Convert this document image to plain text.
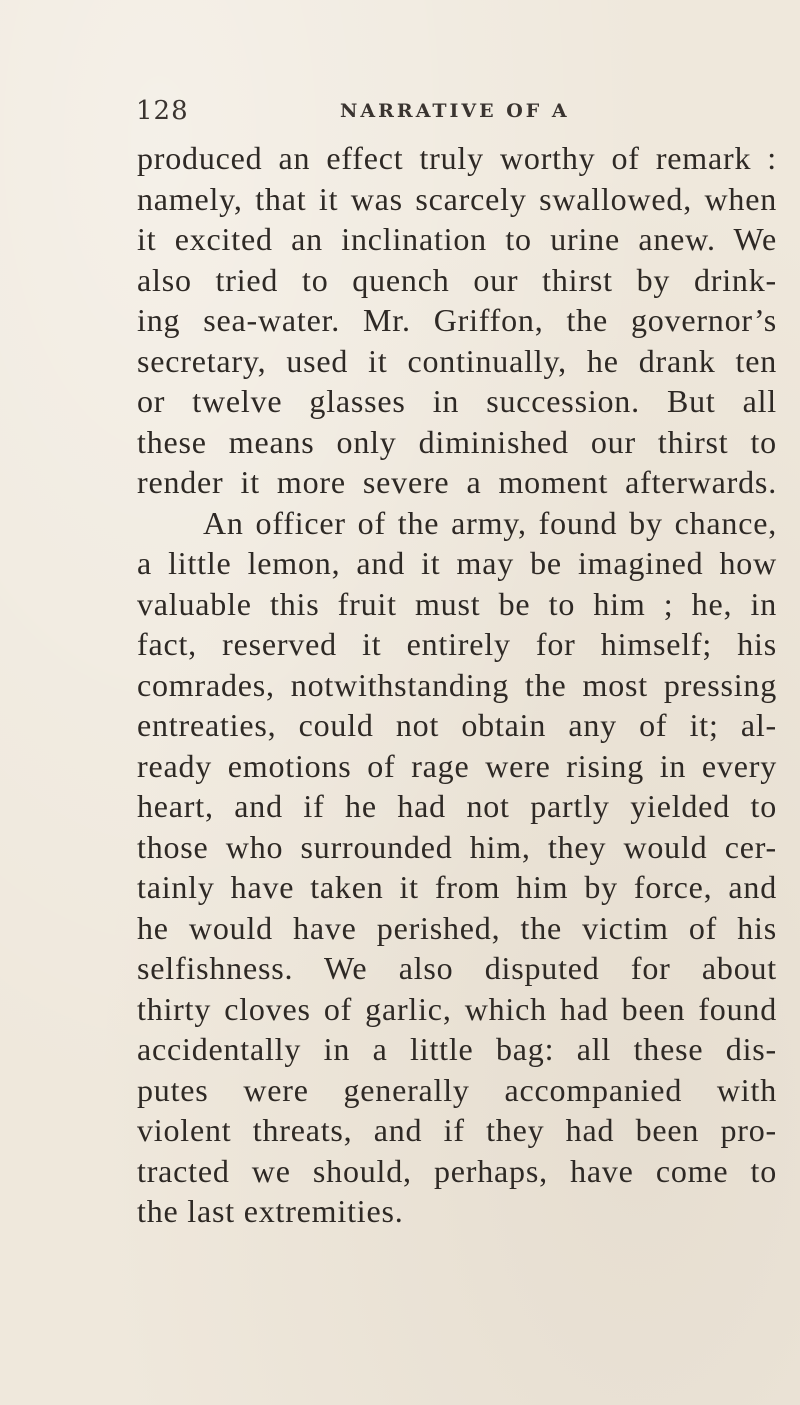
128	NARRATIVE OF A
produced an effect truly worthy of remark :
namely, that it was scarcely swallowed, when
it excited an inclination to urine anew. We
also tried to quench our thirst by drink-
ing sea-water. Mr. Griffon, the governor’s
secretary, used it continually, he drank ten
or twelve glasses in succession. But all
these means only diminished our thirst to
render it more severe a moment afterwards.
An officer of the army, found by chance,
a little lemon, and it may be imagined how
valuable this fruit must be to him ; he, in
fact, reserved it entirely for himself; his
comrades, notwithstanding the most pressing
entreaties, could not obtain any of it; al-
ready emotions of rage were rising in every
heart, and if he had not partly yielded to
those who surrounded him, they would cer-
tainly have taken it from him by force, and
he would have perished, the victim of his
selfishness. We also disputed for about
thirty cloves of garlic, which had been found
accidentally in a little bag: all these dis-
putes were generally accompanied with
violent threats, and if they had been pro-
tracted we should, perhaps, have come to
the last extremities.
